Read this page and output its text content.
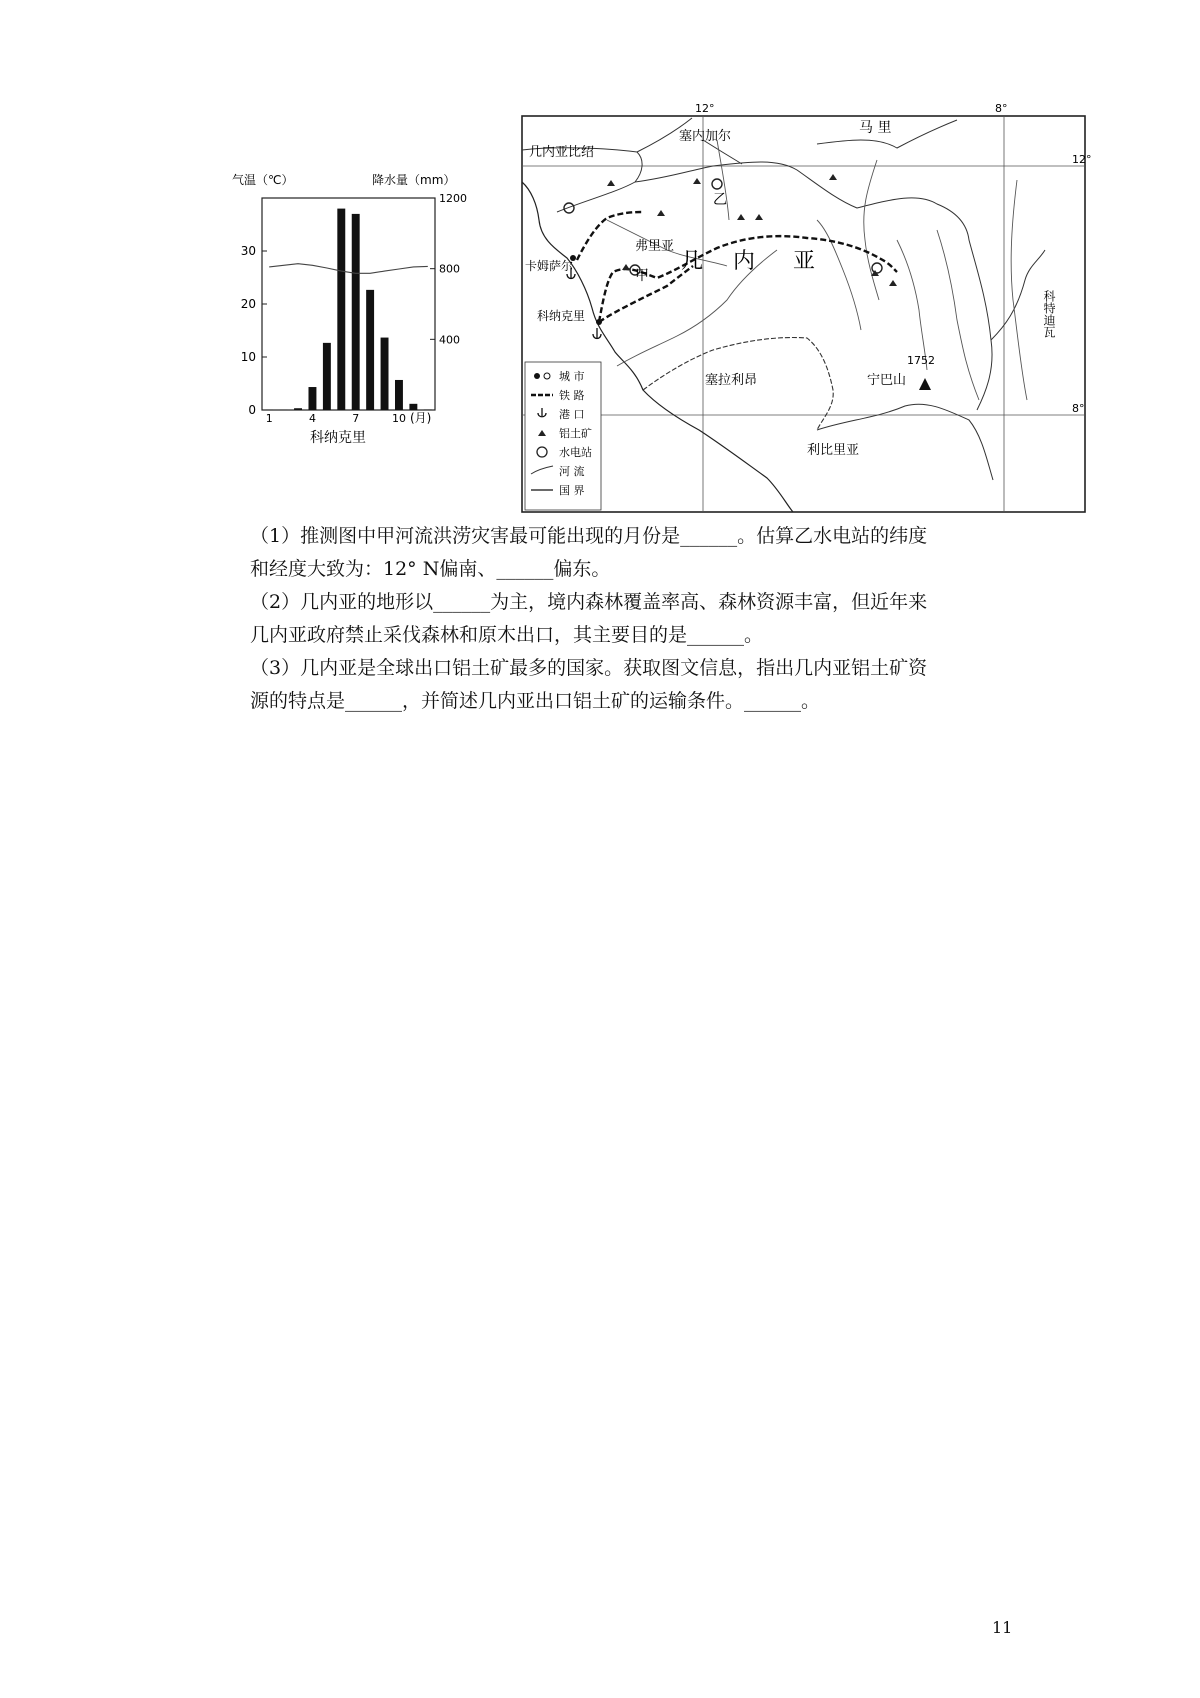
气温（℃）	降水量（mm）
0
10
20
30
400
800
1200
1	4	7	10 (月)
科纳克里
12°	8°
12°
8°
几内亚比绍
塞内加尔
马 里
几 内 亚
塞拉利昂
利比里亚
科特迪瓦
弗里亚
卡姆萨尔
科纳克里
甲
乙
宁巴山
1752
城 市
铁 路
港 口
铝土矿
水电站
河 流
国 界
（1）推测图中甲河流洪涝灾害最可能出现的月份是______。估算乙水电站的纬度
和经度大致为：12° N偏南、______偏东。
（2）几内亚的地形以______为主，境内森林覆盖率高、森林资源丰富，但近年来
几内亚政府禁止采伐森林和原木出口，其主要目的是______。
（3）几内亚是全球出口铝土矿最多的国家。获取图文信息，指出几内亚铝土矿资
源的特点是______，并简述几内亚出口铝土矿的运输条件。______。
11
